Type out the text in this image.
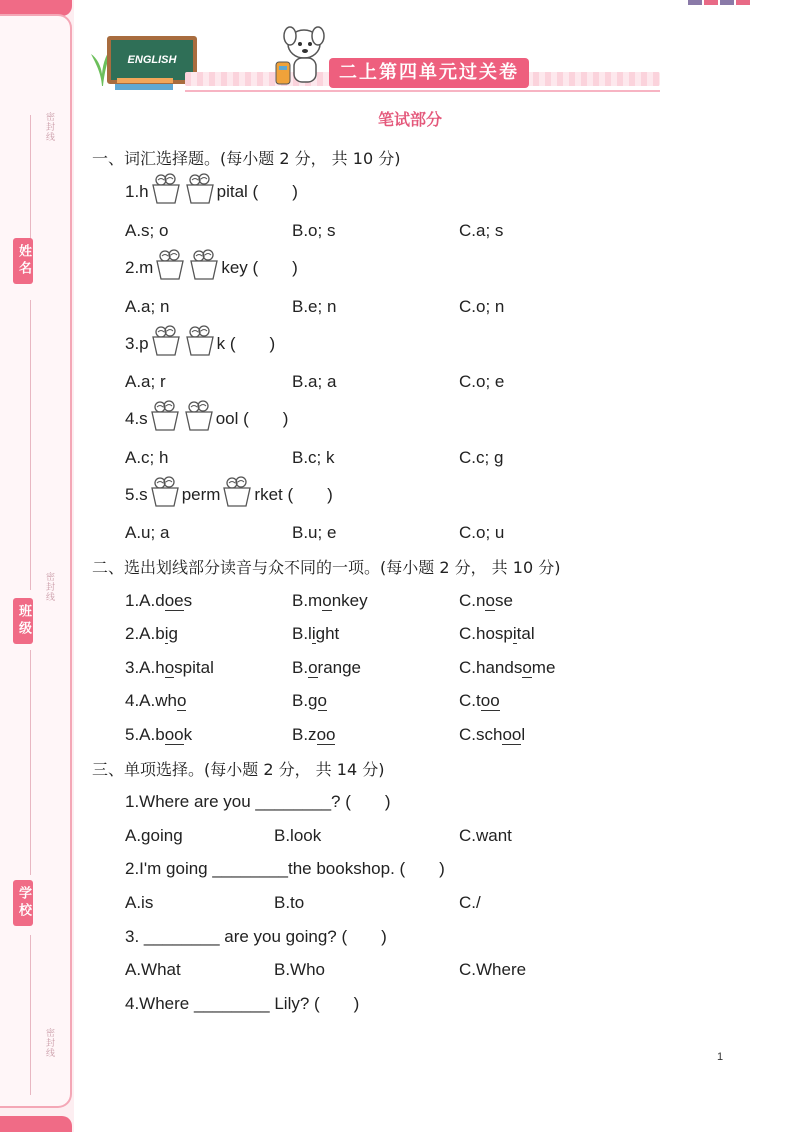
密封线
密封线
密封线
姓名
班级
学校
ENGLISH
二上第四单元过关卷
笔试部分
一、词汇选择题。(每小题 2 分， 共 10 分)
1.h	pital (　　)
A.s; o	B.o; s	C.a; s
2.m	key (　　)
A.a; n	B.e; n	C.o; n
3.p	k (　　)
A.a; r	B.a; a	C.o; e
4.s	ool (　　)
A.c; h	B.c; k	C.c; g
5.s perm rket (　　)
A.u; a	B.u; e	C.o; u
二、选出划线部分读音与众不同的一项。(每小题 2 分， 共 10 分)
1.A.does	B.monkey	C.nose
2.A.big	B.light	C.hospital
3.A.hospital	B.orange	C.handsome
4.A.who	B.go	C.too
5.A.book	B.zoo	C.school
三、单项选择。(每小题 2 分， 共 14 分)
1.Where are you ________? (　　)
A.going	B.look	C.want
2.I'm going ________the bookshop. (　　)
A.is	B.to	C./
3. ________ are you going? (　　)
A.What	B.Who	C.Where
4.Where ________ Lily? (　　)
1
